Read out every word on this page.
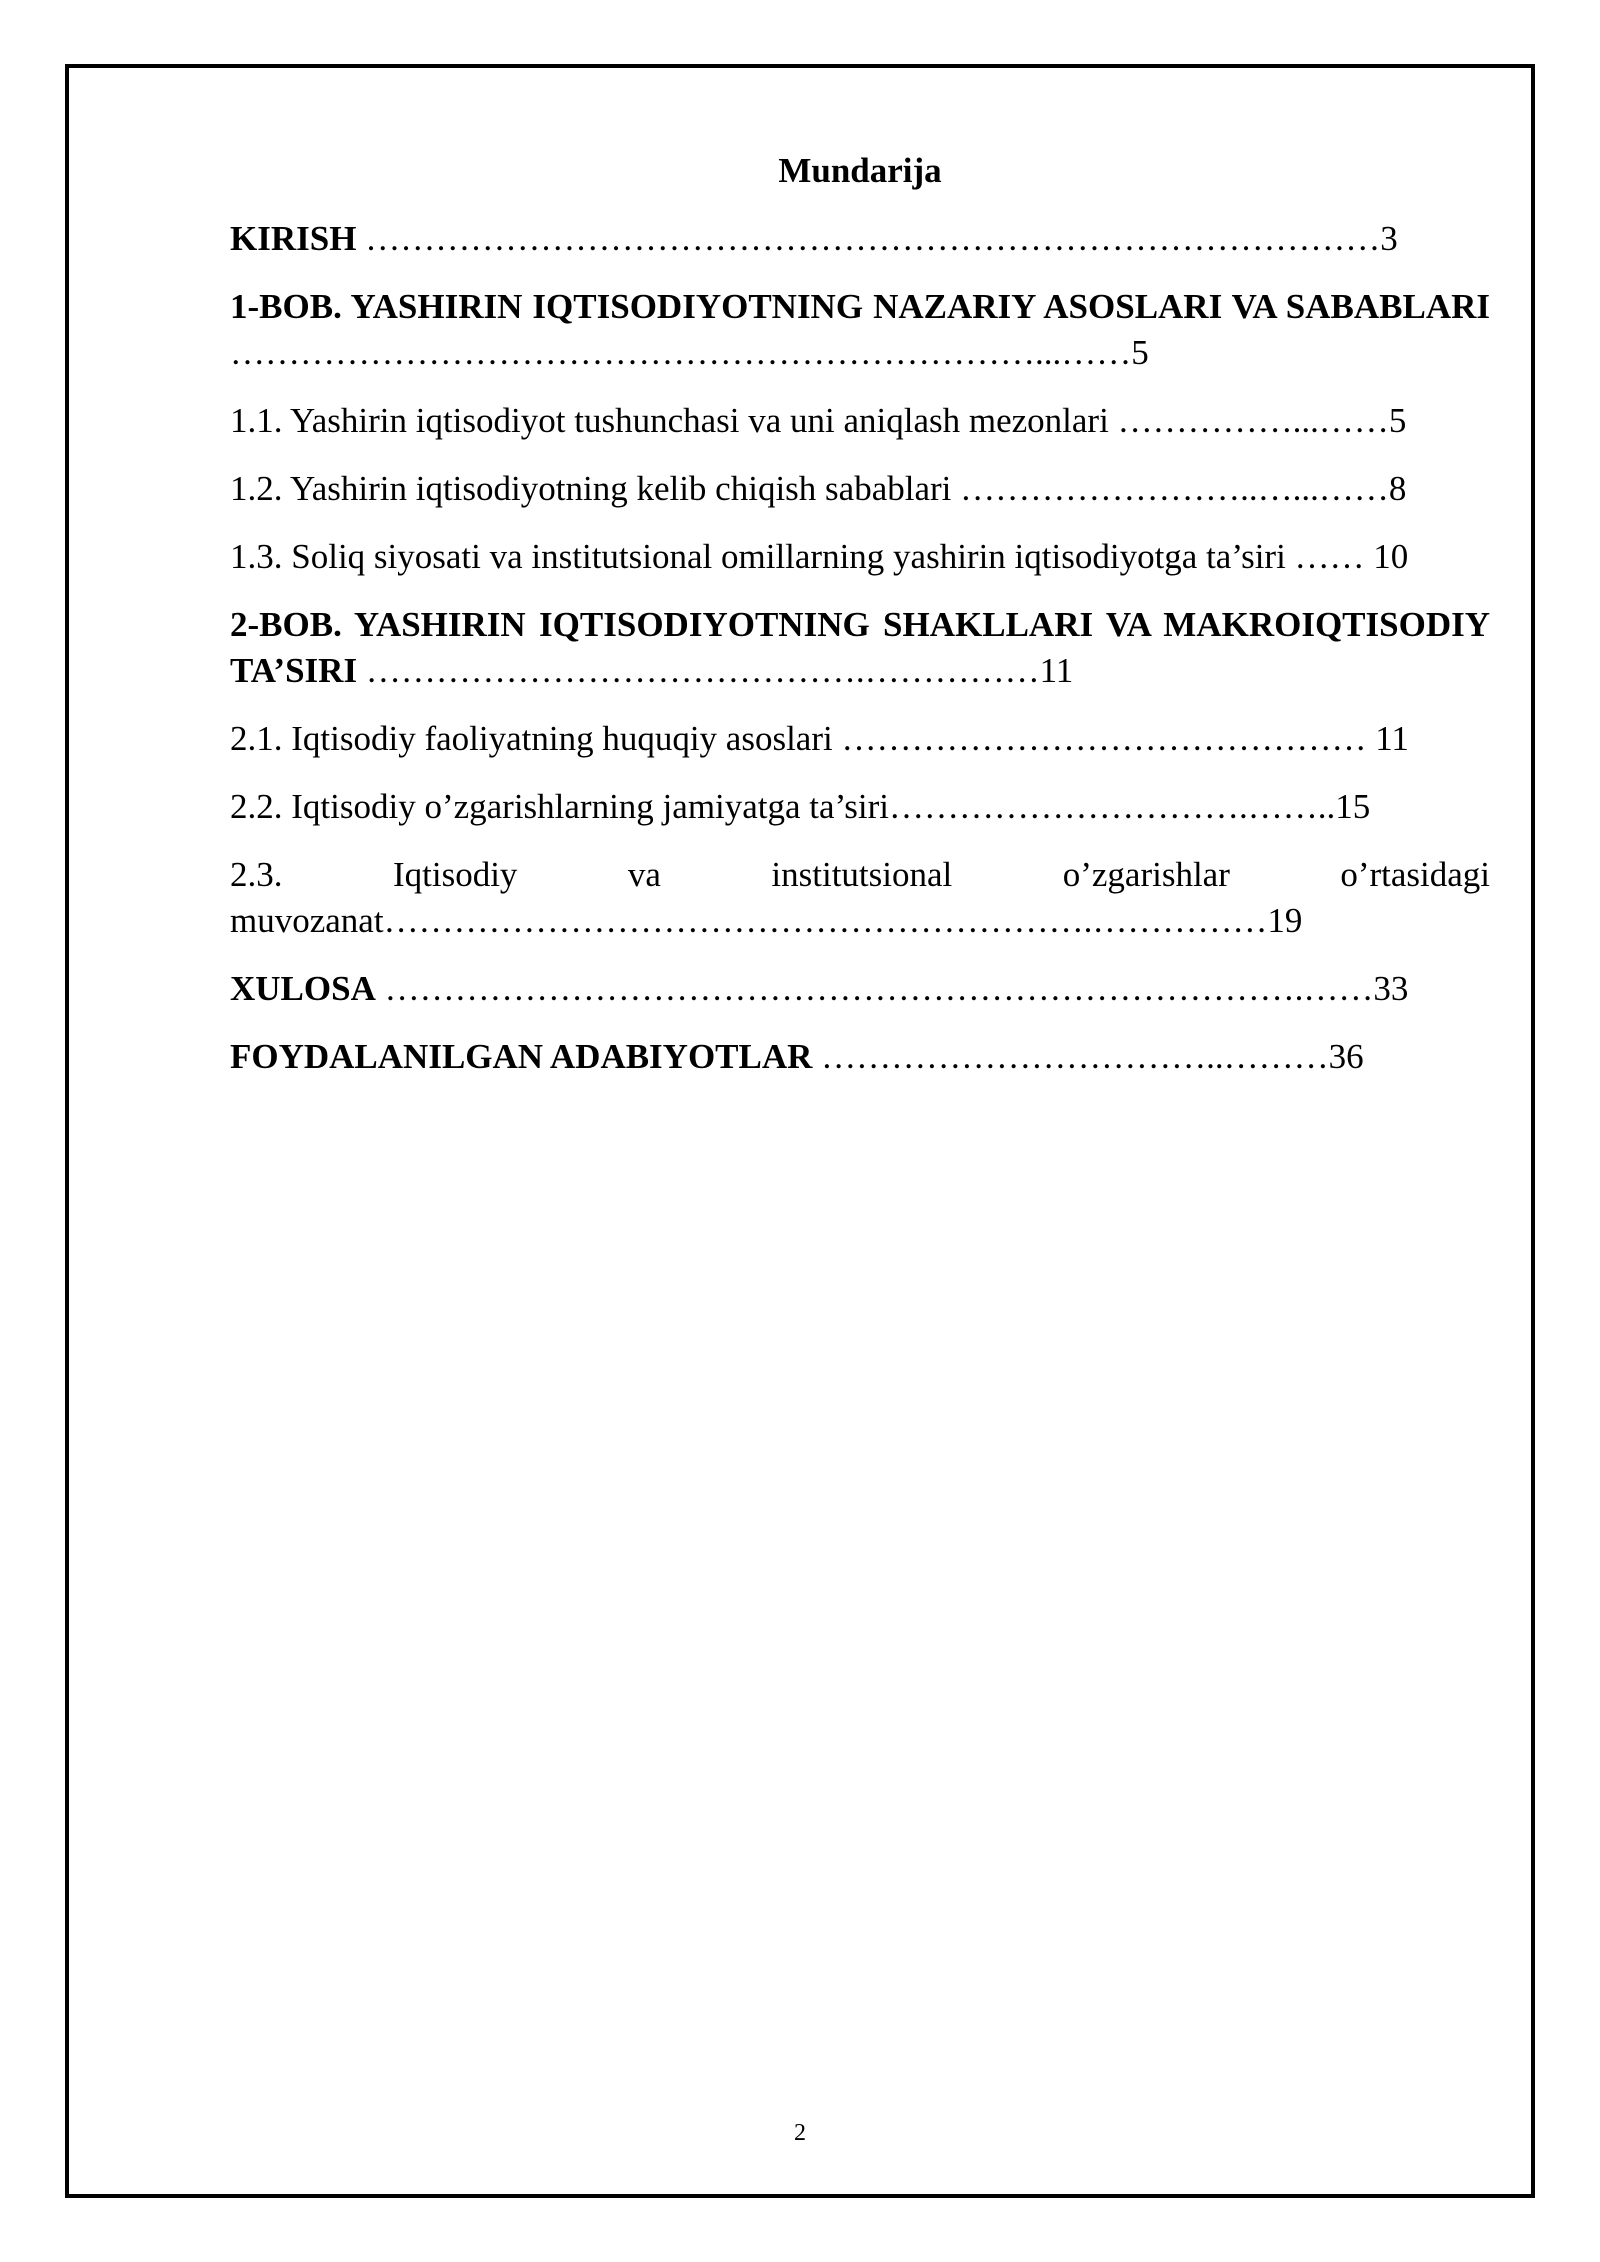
Mundarija
KIRISH ……………………………………………………………………………3
1-BOB. YASHIRIN IQTISODIYOTNING NAZARIY ASOSLARI VA SABABLARI ……………………………………………………………...……5
1.1. Yashirin iqtisodiyot tushunchasi va uni aniqlash mezonlari ……………...……5
1.2. Yashirin iqtisodiyotning kelib chiqish sabablari ……………………..…...……8
1.3. Soliq siyosati va institutsional omillarning yashirin iqtisodiyotga ta’siri …… 10
2-BOB. YASHIRIN IQTISODIYOTNING SHAKLLARI VA MAKROIQTISODIY TA’SIRI …………………………………….……………11
2.1. Iqtisodiy faoliyatning huquqiy asoslari ……………………………………… 11
2.2. Iqtisodiy o’zgarishlarning jamiyatga ta’siri………………………….……..15
2.3. Iqtisodiy va institutsional o’zgarishlar o’rtasidagi muvozanat…………………………………………………….……………19
XULOSA …………………………………………………………………….……33
FOYDALANILGAN ADABIYOTLAR ……………………………..………36
2
